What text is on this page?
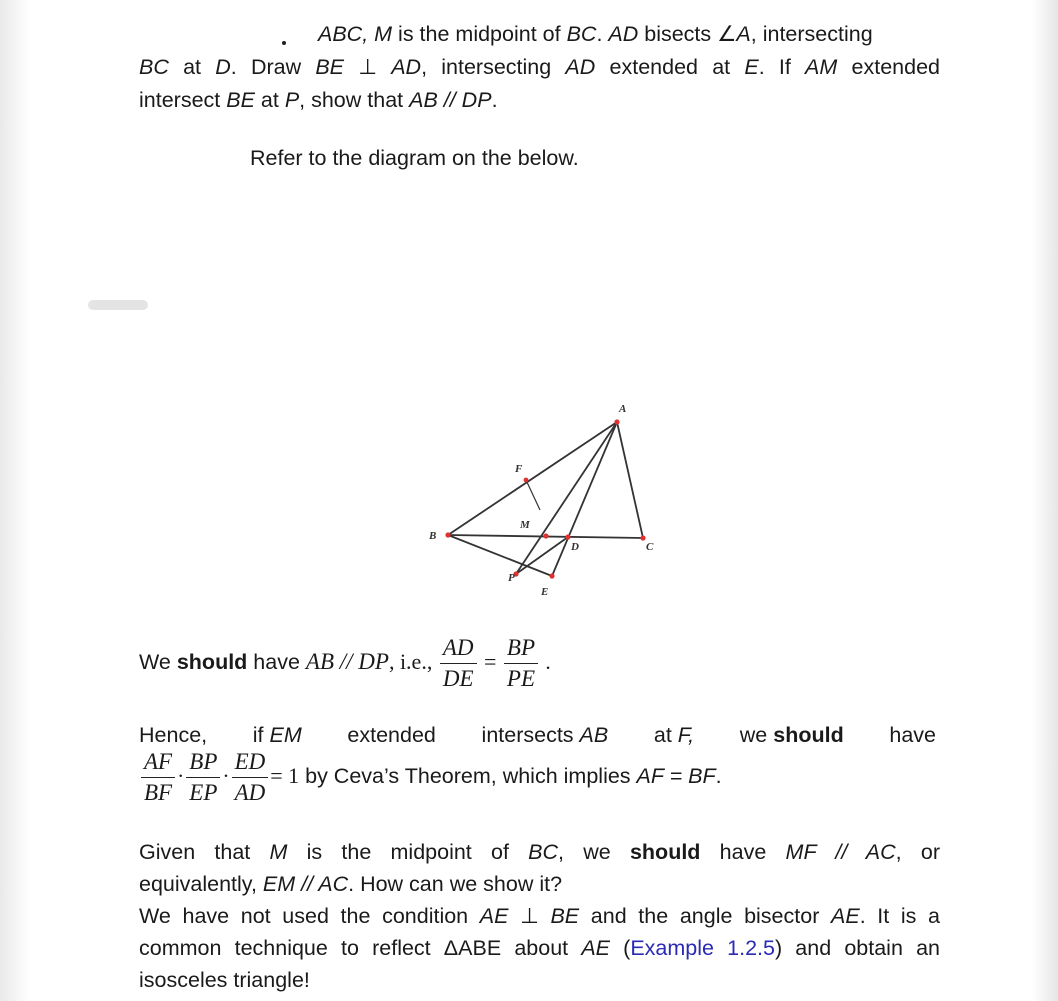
ABC, M is the midpoint of BC. AD bisects ∠A, intersecting
BC at D. Draw BE ⊥ AD, intersecting AD extended at E. If AM extended
intersect BE at P, show that AB // DP.
Refer to the diagram on the below.
A
B
C
D
E
F
M
P
We should have AB // DP, i.e., $\frac{AD}{DE} = \frac{BP}{PE}$ .
Hence, if EM extended intersects AB at F, we should have
$\frac{AF}{BF} \cdot \frac{BP}{EP} \cdot \frac{ED}{AD} = 1$ by Ceva’s Theorem, which implies AF = BF.
Given that M is the midpoint of BC, we should have MF // AC, or
equivalently, EM // AC. How can we show it?
We have not used the condition AE ⊥ BE and the angle bisector AE. It is a
common technique to reflect ΔABE about AE (Example 1.2.5) and obtain an
isosceles triangle!
